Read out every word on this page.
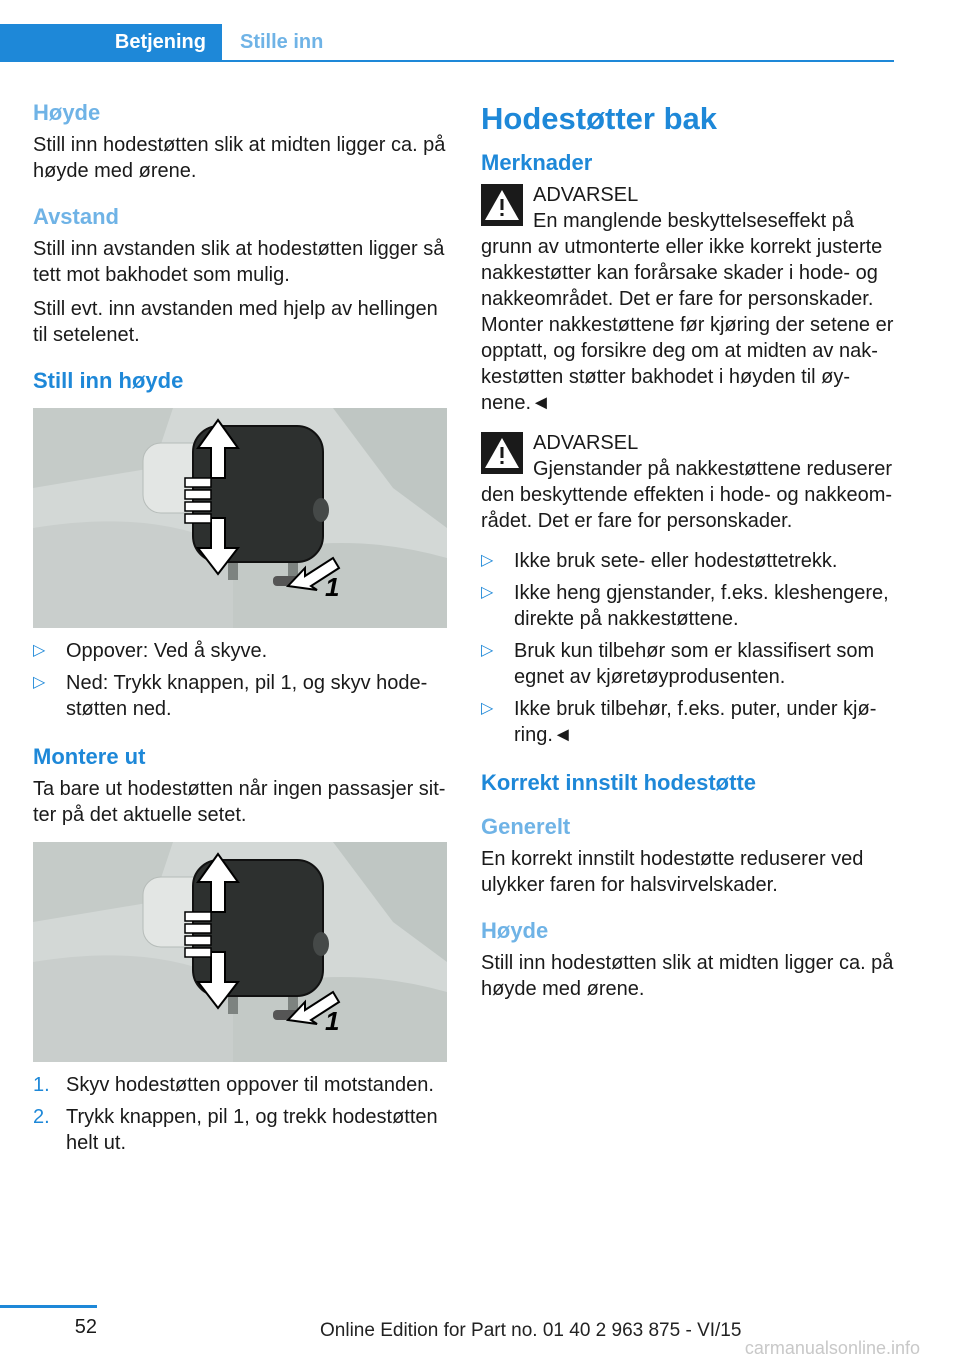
Betjening Stille inn
Høyde

Still inn hodestøtten slik at midten ligger ca. på høyde med ørene.

Avstand

Still inn avstanden slik at hodestøtten ligger så tett mot bakhodet som mulig.

Still evt. inn avstanden med hjelp av hellingen til setelenet.

Still inn høyde
1
▷ Oppover: Ved å skyve.
▷ Ned: Trykk knappen, pil 1, og skyv hodestøtten ned.
Montere ut

Ta bare ut hodestøtten når ingen passasjer sitter på det aktuelle setet.

1
1. Skyv hodestøtten oppover til motstanden.
2. Trykk knappen, pil 1, og trekk hodestøtten helt ut.
Hodestøtter bak
Merknader

ADVARSEL

En manglende beskyttelseseffekt på grunn av utmonterte eller ikke korrekt justerte nakkestøtter kan forårsake skader i hode- og nakkeområdet. Det er fare for personskader. Monter nakkestøttene før kjøring der setene er opptatt, og forsikre deg om at midten av nakkestøtten støtter bakhodet i høyden til øynene.◄

ADVARSEL

Gjenstander på nakkestøttene reduserer den beskyttende effekten i hode- og nakkeområdet. Det er fare for personskader.

▷ Ikke bruk sete- eller hodestøttetrekk.
▷ Ikke heng gjenstander, f.eks. kleshengere, direkte på nakkestøttene.
▷ Bruk kun tilbehør som er klassifisert som egnet av kjøretøyprodusenten.
▷ Ikke bruk tilbehør, f.eks. puter, under kjøring.◄
Korrekt innstilt hodestøtte
Generelt

En korrekt innstilt hodestøtte reduserer ved ulykker faren for halsvirvelskader.

Høyde

Still inn hodestøtten slik at midten ligger ca. på høyde med ørene.

52	Online Edition for Part no. 01 40 2 963 875 - VI/15
carmanualsonline.info
